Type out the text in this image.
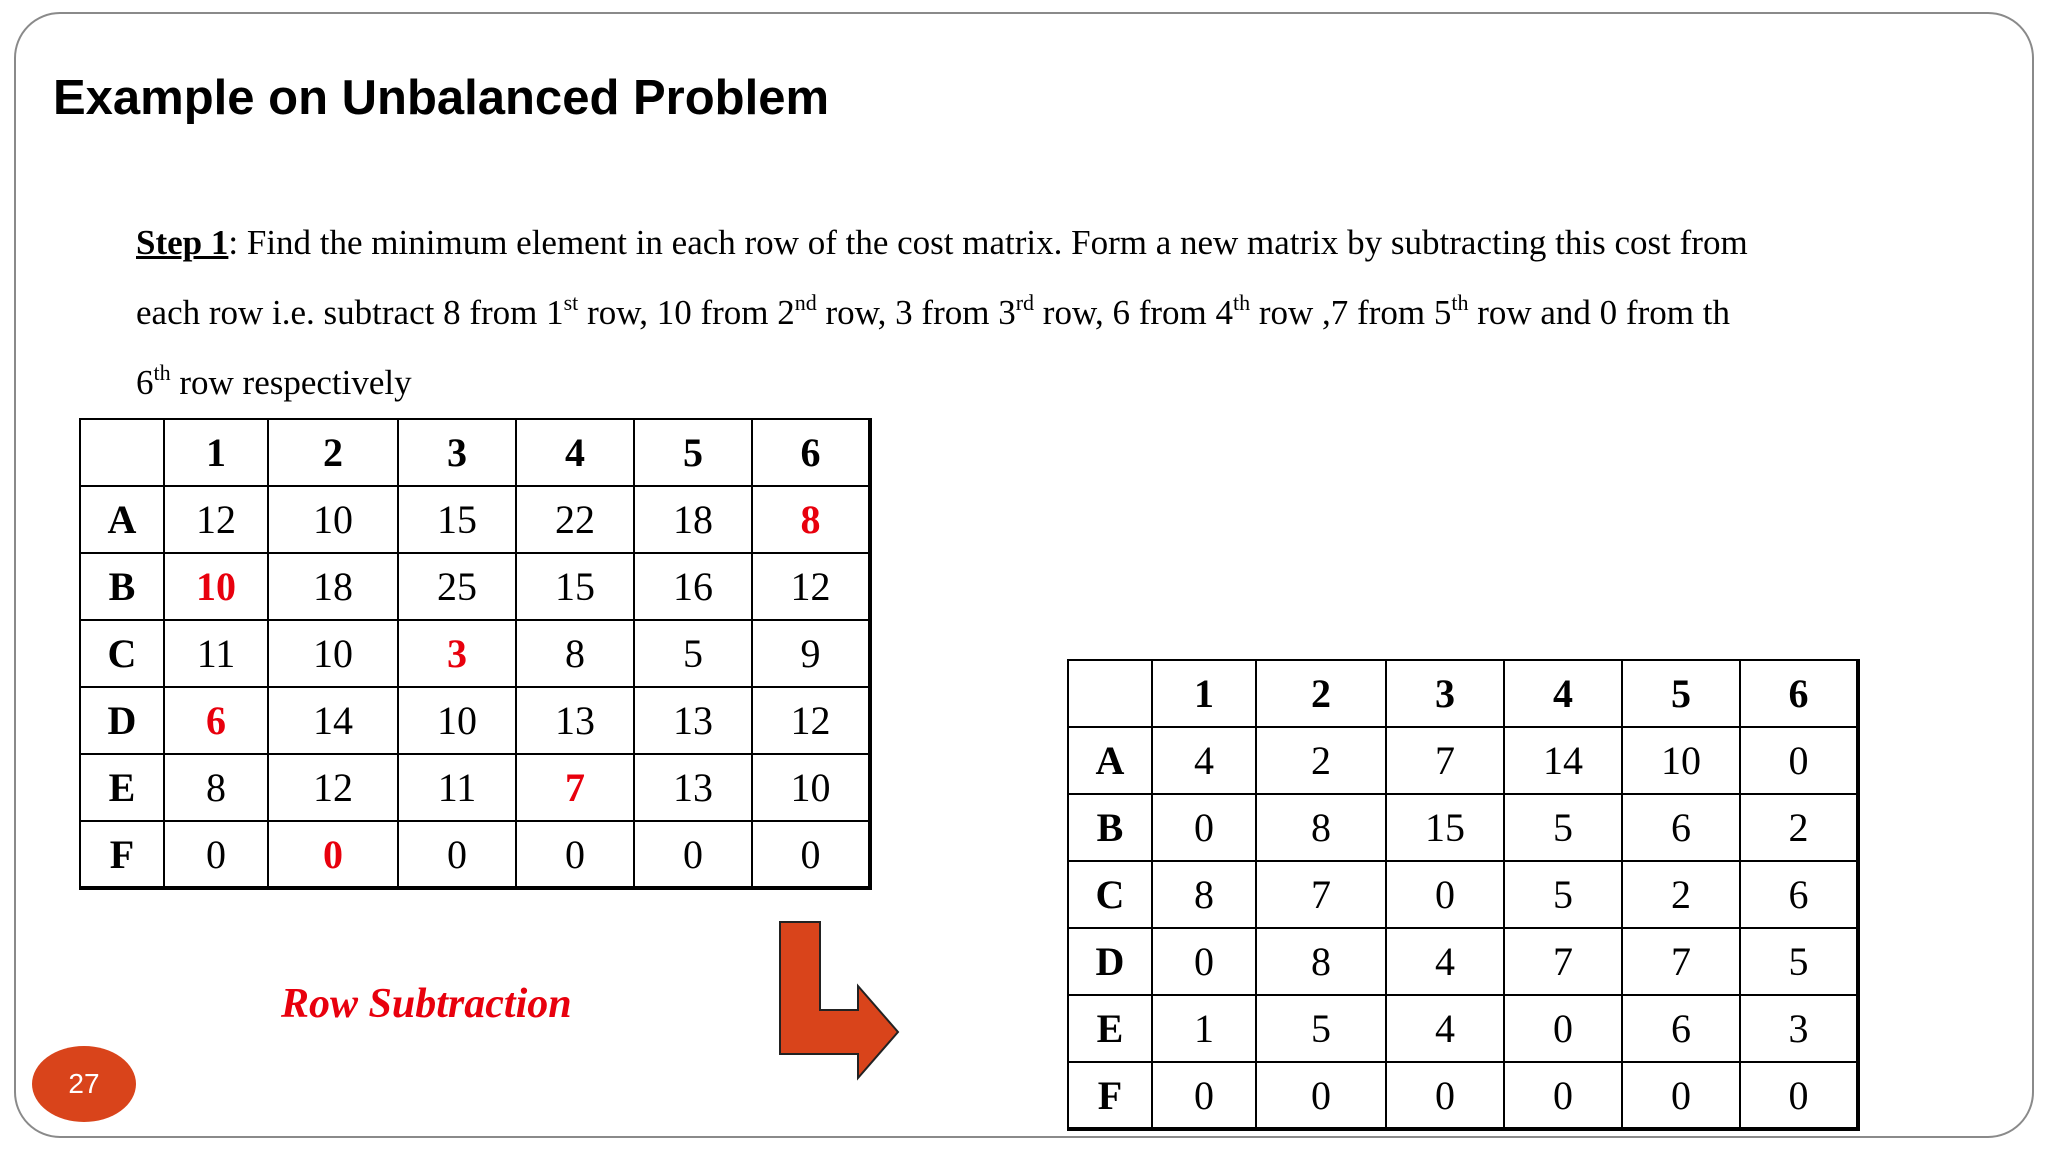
Example on Unbalanced Problem
Step 1: Find the minimum element in each row of the cost matrix. Form a new matrix by subtracting this cost from
each row i.e. subtract 8 from 1st row, 10 from 2nd row, 3 from 3rd row, 6 from 4th row ,7 from 5th row and 0 from th
6th row respectively
	1	2	3	4	5	6
A	12	10	15	22	18	8
B	10	18	25	15	16	12
C	11	10	3	8	5	9
D	6	14	10	13	13	12
E	8	12	11	7	13	10
F	0	0	0	0	0	0
	1	2	3	4	5	6
A	4	2	7	14	10	0
B	0	8	15	5	6	2
C	8	7	0	5	2	6
D	0	8	4	7	7	5
E	1	5	4	0	6	3
F	0	0	0	0	0	0
Row Subtraction
27
